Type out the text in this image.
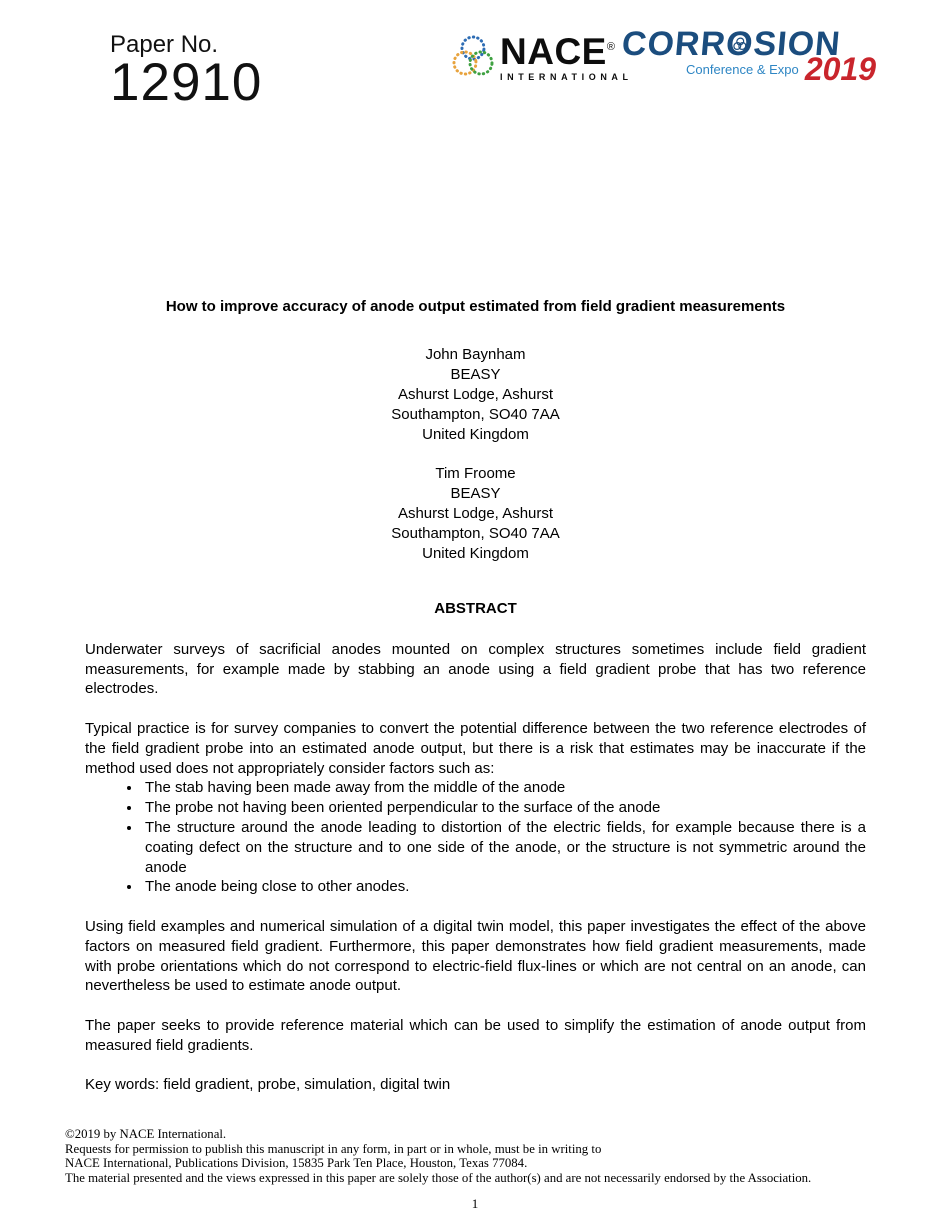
Paper No.
12910
NACE®
INTERNATIONAL
CORRO
SION
Conference & Expo 2019
How to improve accuracy of anode output estimated from field gradient measurements
John Baynham
BEASY
Ashurst Lodge, Ashurst
Southampton, SO40 7AA
United Kingdom
Tim Froome
BEASY
Ashurst Lodge, Ashurst
Southampton, SO40 7AA
United Kingdom
ABSTRACT

Underwater surveys of sacrificial anodes mounted on complex structures sometimes include field gradient measurements, for example made by stabbing an anode using a field gradient probe that has two reference electrodes.

Typical practice is for survey companies to convert the potential difference between the two reference electrodes of the field gradient probe into an estimated anode output, but there is a risk that estimates may be inaccurate if the method used does not appropriately consider factors such as:

• The stab having been made away from the middle of the anode
• The probe not having been oriented perpendicular to the surface of the anode
• The structure around the anode leading to distortion of the electric fields, for example because there is a coating defect on the structure and to one side of the anode, or the structure is not symmetric around the anode
• The anode being close to other anodes.

Using field examples and numerical simulation of a digital twin model, this paper investigates the effect of the above factors on measured field gradient. Furthermore, this paper demonstrates how field gradient measurements, made with probe orientations which do not correspond to electric-field flux-lines or which are not central on an anode, can nevertheless be used to estimate anode output.

The paper seeks to provide reference material which can be used to simplify the estimation of anode output from measured field gradients.

Key words: field gradient, probe, simulation, digital twin

©2019 by NACE International.
Requests for permission to publish this manuscript in any form, in part or in whole, must be in writing to
NACE International, Publications Division, 15835 Park Ten Place, Houston, Texas 77084.
The material presented and the views expressed in this paper are solely those of the author(s) and are not necessarily endorsed by the Association.
1
